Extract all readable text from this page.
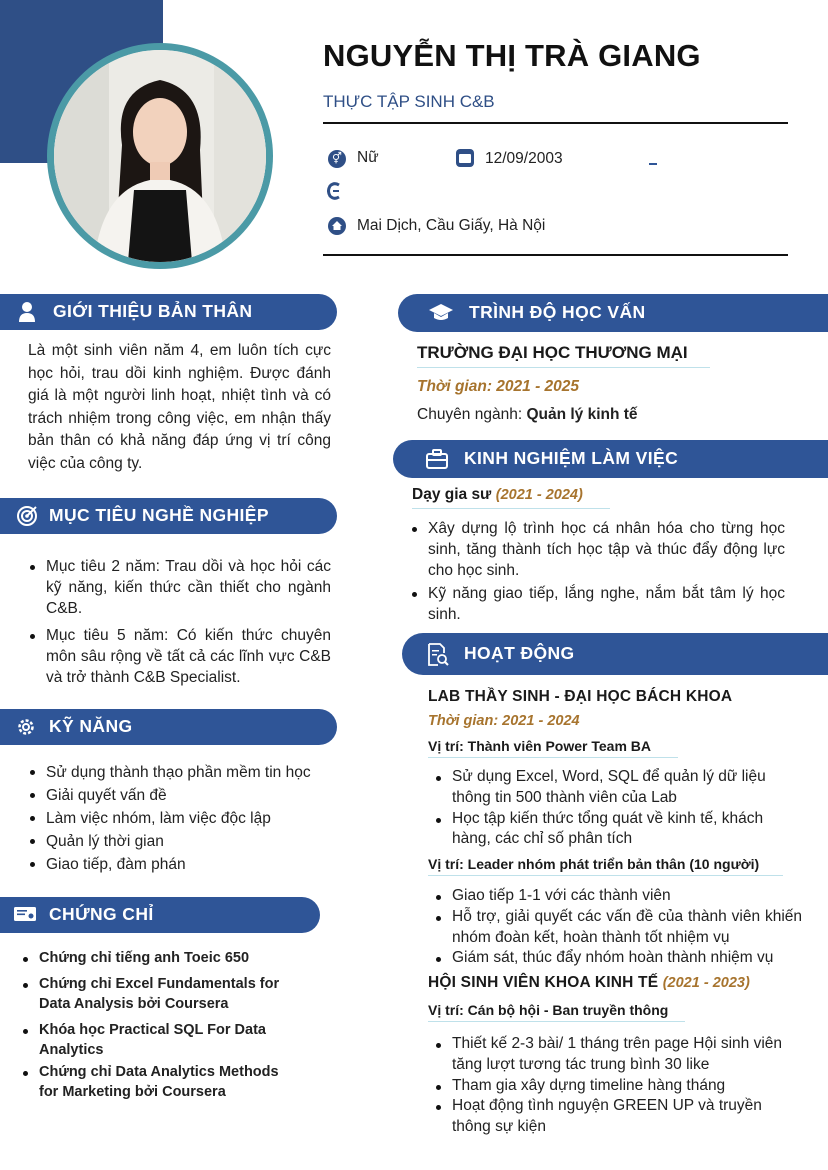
NGUYỄN THỊ TRÀ GIANG
THỰC TẬP SINH C&B
⚥ Nữ	12/09/2003
Mai Dịch, Cầu Giấy, Hà Nội
GIỚI THIỆU BẢN THÂN
Là một sinh viên năm 4, em luôn tích cực học hỏi, trau dồi kinh nghiệm. Được đánh giá là một người linh hoạt, nhiệt tình và có trách nhiệm trong công việc, em nhận thấy bản thân có khả năng đáp ứng vị trí công việc của công ty.
MỤC TIÊU NGHỀ NGHIỆP
Mục tiêu 2 năm: Trau dồi và học hỏi các kỹ năng, kiến thức cần thiết cho ngành C&B.
Mục tiêu 5 năm: Có kiến thức chuyên môn sâu rộng về tất cả các lĩnh vực C&B và trở thành C&B Specialist.
KỸ NĂNG
Sử dụng thành thạo phần mềm tin học
Giải quyết vấn đề
Làm việc nhóm, làm việc độc lập
Quản lý thời gian
Giao tiếp, đàm phán
CHỨNG CHỈ
Chứng chỉ tiếng anh Toeic 650
Chứng chỉ Excel Fundamentals for Data Analysis bởi Coursera
Khóa học Practical SQL For Data Analytics
Chứng chỉ Data Analytics Methods for Marketing bởi Coursera
TRÌNH ĐỘ HỌC VẤN
TRƯỜNG ĐẠI HỌC THƯƠNG MẠI
Thời gian: 2021 - 2025
Chuyên ngành: Quản lý kinh tế
KINH NGHIỆM LÀM VIỆC
Dạy gia sư (2021 - 2024)
Xây dựng lộ trình học cá nhân hóa cho từng học sinh, tăng thành tích học tập và thúc đẩy động lực cho học sinh.
Kỹ năng giao tiếp, lắng nghe, nắm bắt tâm lý học sinh.
HOẠT ĐỘNG
LAB THẦY SINH - ĐẠI HỌC BÁCH KHOA
Thời gian: 2021 - 2024
Vị trí: Thành viên Power Team BA
Sử dụng Excel, Word, SQL để quản lý dữ liệu thông tin 500 thành viên của Lab
Học tập kiến thức tổng quát về kinh tế, khách hàng, các chỉ số phân tích
Vị trí: Leader nhóm phát triển bản thân (10 người)
Giao tiếp 1-1 với các thành viên
Hỗ trợ, giải quyết các vấn đề của thành viên khiến nhóm đoàn kết, hoàn thành tốt nhiệm vụ
Giám sát, thúc đẩy nhóm hoàn thành nhiệm vụ
HỘI SINH VIÊN KHOA KINH TẾ (2021 - 2023)
Vị trí: Cán bộ hội - Ban truyền thông
Thiết kế 2-3 bài/ 1 tháng trên page Hội sinh viên tăng lượt tương tác trung bình 30 like
Tham gia xây dựng timeline hàng tháng
Hoạt động tình nguyện GREEN UP và truyền thông sự kiện
